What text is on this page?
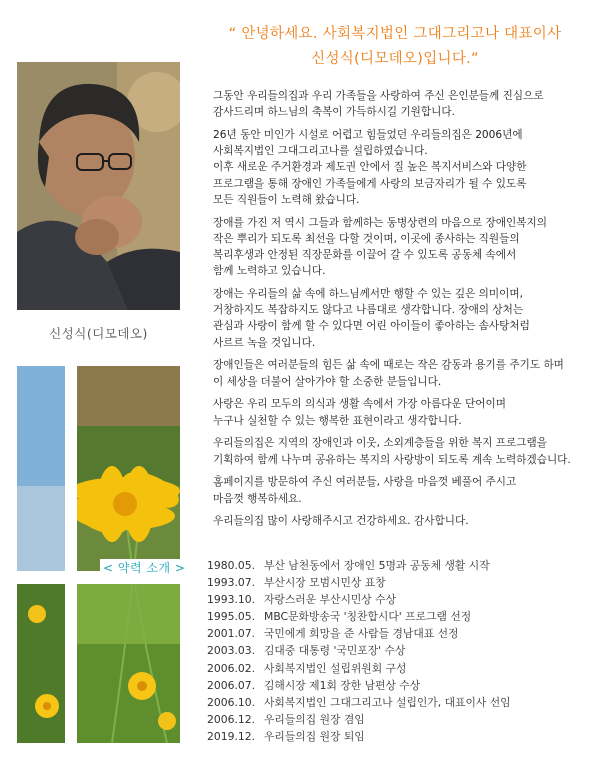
“ 안녕하세요. 사회복지법인 그대그리고나 대표이사
신성식(디모데오)입니다.”
신성식(디모데오)
< 약력 소개 >

그동안 우리들의집과 우리 가족들을 사랑하여 주신 은인분들께 진심으로
감사드리며 하느님의 축복이 가득하시길 기원합니다.

26년 동안 미인가 시설로 어렵고 힘들었던 우리들의집은 2006년에
사회복지법인 그대그리고나를 설립하였습니다.
이후 새로운 주거환경과 제도권 안에서 질 높은 복지서비스와 다양한
프로그램을 통해 장애인 가족들에게 사랑의 보금자리가 될 수 있도록
모든 직원들이 노력해 왔습니다.

장애를 가진 저 역시 그들과 함께하는 동병상련의 마음으로 장애인복지의
작은 뿌리가 되도록 최선을 다할 것이며, 이곳에 종사하는 직원들의
복리후생과 안정된 직장문화를 이끌어 갈 수 있도록 공동체 속에서
함께 노력하고 있습니다.

장애는 우리들의 삶 속에 하느님께서만 행할 수 있는 깊은 의미이며,
거창하지도 복잡하지도 않다고 나름대로 생각합니다. 장애의 상처는
관심과 사랑이 함께 할 수 있다면 어린 아이들이 좋아하는 솜사탕처럼
사르르 녹을 것입니다.

장애인들은 여러분들의 힘든 삶 속에 때로는 작은 감동과 용기를 주기도 하며
이 세상을 더불어 살아가야 할 소중한 분들입니다.

사랑은 우리 모두의 의식과 생활 속에서 가장 아름다운 단어이며
누구나 실천할 수 있는 행복한 표현이라고 생각합니다.

우리들의집은 지역의 장애인과 이웃, 소외계층들을 위한 복지 프로그램을
기획하여 함께 나누며 공유하는 복지의 사랑방이 되도록 계속 노력하겠습니다.

홈페이지를 방문하여 주신 여러분들, 사랑을 마음껏 베풀어 주시고
마음껏 행복하세요.

우리들의집 많이 사랑해주시고 건강하세요. 감사합니다.

1980.05. 부산 남천동에서 장애인 5명과 공동체 생활 시작
1993.07. 부산시장 모범시민상 표창
1993.10. 자랑스러운 부산시민상 수상
1995.05. MBC문화방송국 '칭찬합시다' 프로그램 선정
2001.07. 국민에게 희망을 준 사람들 경남대표 선정
2003.03. 김대중 대통령 '국민포장' 수상
2006.02. 사회복지법인 설립위원회 구성
2006.07. 김해시장 제1회 장한 남편상 수상
2006.10. 사회복지법인 그대그리고나 설립인가, 대표이사 선임
2006.12. 우리들의집 원장 겸임
2019.12. 우리들의집 원장 퇴임
